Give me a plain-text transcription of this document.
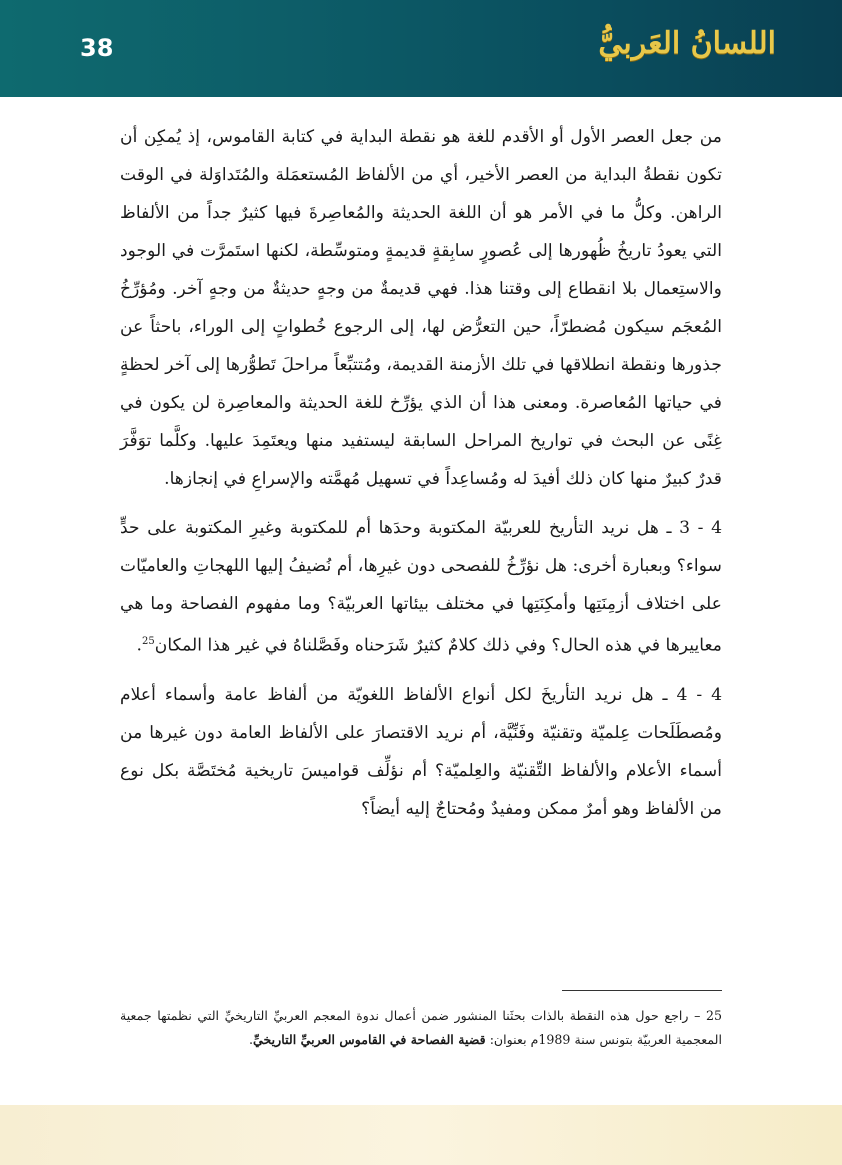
38	اللسانُ العَربيُّ

من جعل العصر الأول أو الأقدم للغة هو نقطة البداية في كتابة القاموس، إذ يُمكِن أن تكون نقطةُ البداية من العصر الأخير، أي من الألفاظ المُستعمَلة والمُتَداوَلة في الوقت الراهن. وكلُّ ما في الأمر هو أن اللغة الحديثة والمُعاصِرةَ فيها كثيرٌ جداً من الألفاظ التي يعودُ تاريخُ ظُهورها إلى عُصورٍ سابِقةٍ قديمةٍ ومتوسِّطة، لكنها استَمرَّت في الوجود والاستِعمال بلا انقطاع إلى وقتنا هذا. فهي قديمةٌ من وجهٍ حديثةٌ من وجهٍ آخر. ومُؤرِّخُ المُعجَم سيكون مُضطرّاً، حين التعرُّض لها، إلى الرجوع خُطواتٍ إلى الوراء، باحثاً عن جذورها ونقطة انطلاقها في تلك الأزمنة القديمة، ومُتتبِّعاً مراحلَ تَطوُّرها إلى آخر لحظةٍ في حياتها المُعاصرة. ومعنى هذا أن الذي يؤرِّخ للغة الحديثة والمعاصِرة لن يكون في غِنًى عن البحث في تواريخ المراحل السابقة ليستفيد منها ويعتَمِدَ عليها. وكلَّما توَفَّرَ قدرٌ كبيرٌ منها كان ذلك أفيدَ له ومُساعِداً في تسهيل مُهمَّته والإسراعِ في إنجازها.

4 - 3 ـ هل نريد التأريخ للعربيّة المكتوبة وحدَها أم للمكتوبة وغيرِ المكتوبة على حدٍّ سواء؟ وبعبارة أخرى: هل نؤرِّخُ للفصحى دون غيرِها، أم نُضيفُ إليها اللهجاتِ والعاميّات على اختلاف أزمِنَتِها وأمكِنَتِها في مختلف بيئاتها العربيّة؟ وما مفهوم الفصاحة وما هي معاييرها في هذه الحال؟ وفي ذلك كلامٌ كثيرٌ شَرَحناه وفَصَّلناهُ في غير هذا المكان$^{25}$.

4 - 4 ـ هل نريد التأريخَ لكل أنواع الألفاظ اللغويّة من ألفاظ عامة وأسماء أعلام ومُصطَلَحات عِلميّة وتقنيّة وفَنِّيَّة، أم نريد الاقتصارَ على الألفاظ العامة دون غيرها من أسماء الأعلام والألفاظ التِّقنيّة والعِلميّة؟ أم نؤلِّف قواميسَ تاريخية مُختَصَّة بكل نوع من الألفاظ وهو أمرٌ ممكن ومفيدٌ ومُحتاجٌ إليه أيضاً؟

25 – راجع حول هذه النقطة بالذات بحثَنا المنشور ضمن أعمال ندوة المعجم العربيِّ التاريخيِّ التي نظمتها جمعية المعجمية العربيّة بتونس سنة 1989م بعنوان: قضية الفصاحة في القاموس العربيِّ التاريخيِّ.
